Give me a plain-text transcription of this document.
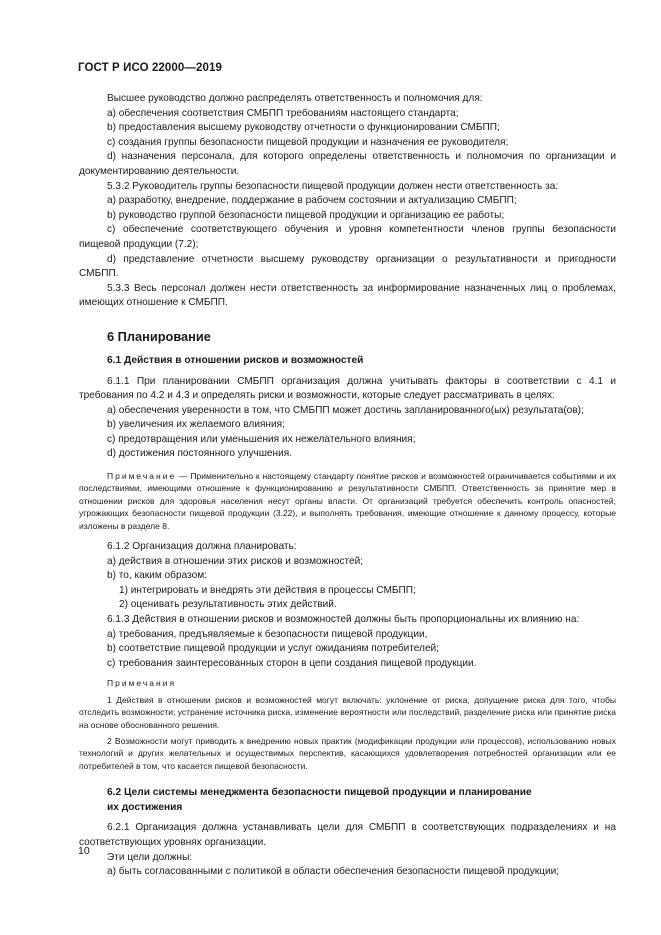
ГОСТ Р ИСО 22000—2019

Высшее руководство должно распределять ответственность и полномочия для:

a) обеспечения соответствия СМБПП требованиям настоящего стандарта;

b) предоставления высшему руководству отчетности о функционировании СМБПП;

c) создания группы безопасности пищевой продукции и назначения ее руководителя;

d) назначения персонала, для которого определены ответственность и полномочия по организации и документированию деятельности.

5.3.2 Руководитель группы безопасности пищевой продукции должен нести ответственность за:

a) разработку, внедрение, поддержание в рабочем состоянии и актуализацию СМБПП;

b) руководство группой безопасности пищевой продукции и организацию ее работы;

c) обеспечение соответствующего обучения и уровня компетентности членов группы безопасности пищевой продукции (7.2);

d) представление отчетности высшему руководству организации о результативности и пригодности СМБПП.

5.3.3 Весь персонал должен нести ответственность за информирование назначенных лиц о проблемах, имеющих отношение к СМБПП.

6 Планирование

6.1 Действия в отношении рисков и возможностей

6.1.1 При планировании СМБПП организация должна учитывать факторы в соответствии с 4.1 и требования по 4.2 и 4.3 и определять риски и возможности, которые следует рассматривать в целях:

a) обеспечения уверенности в том, что СМБПП может достичь запланированного(ых) результата(ов);

b) увеличения их желаемого влияния;

c) предотвращения или уменьшения их нежелательного влияния;

d) достижения постоянного улучшения.

Примечание — Применительно к настоящему стандарту понятие рисков и возможностей ограничивается событиями и их последствиями, имеющими отношение к функционированию и результативности СМБПП. Ответственность за принятие мер в отношении рисков для здоровья населения несут органы власти. От организаций требуется обеспечить контроль опасностей, угрожающих безопасности пищевой продукции (3.22), и выполнять требования, имеющие отношение к данному процессу, которые изложены в разделе 8.

6.1.2 Организация должна планировать:

a) действия в отношении этих рисков и возможностей;

b) то, каким образом:

1) интегрировать и внедрять эти действия в процессы СМБПП;

2) оценивать результативность этих действий.

6.1.3 Действия в отношении рисков и возможностей должны быть пропорциональны их влиянию на:

a) требования, предъявляемые к безопасности пищевой продукции,

b) соответствие пищевой продукции и услуг ожиданиям потребителей;

c) требования заинтересованных сторон в цепи создания пищевой продукции.

Примечания

1 Действия в отношении рисков и возможностей могут включать: уклонение от риска, допущение риска для того, чтобы отследить возможности; устранение источника риска, изменение вероятности или последствий, разделение риска или принятие риска на основе обоснованного решения.

2 Возможности могут приводить к внедрению новых практик (модификации продукции или процессов), использованию новых технологий и других желательных и осуществимых перспектив, касающихся удовлетворения потребностей организации или ее потребителей в том, что касается пищевой безопасности.

6.2 Цели системы менеджмента безопасности пищевой продукции и планирование

их достижения

6.2.1 Организация должна устанавливать цели для СМБПП в соответствующих подразделениях и на соответствующих уровнях организации.

Эти цели должны:

a) быть согласованными с политикой в области обеспечения безопасности пищевой продукции;

10
